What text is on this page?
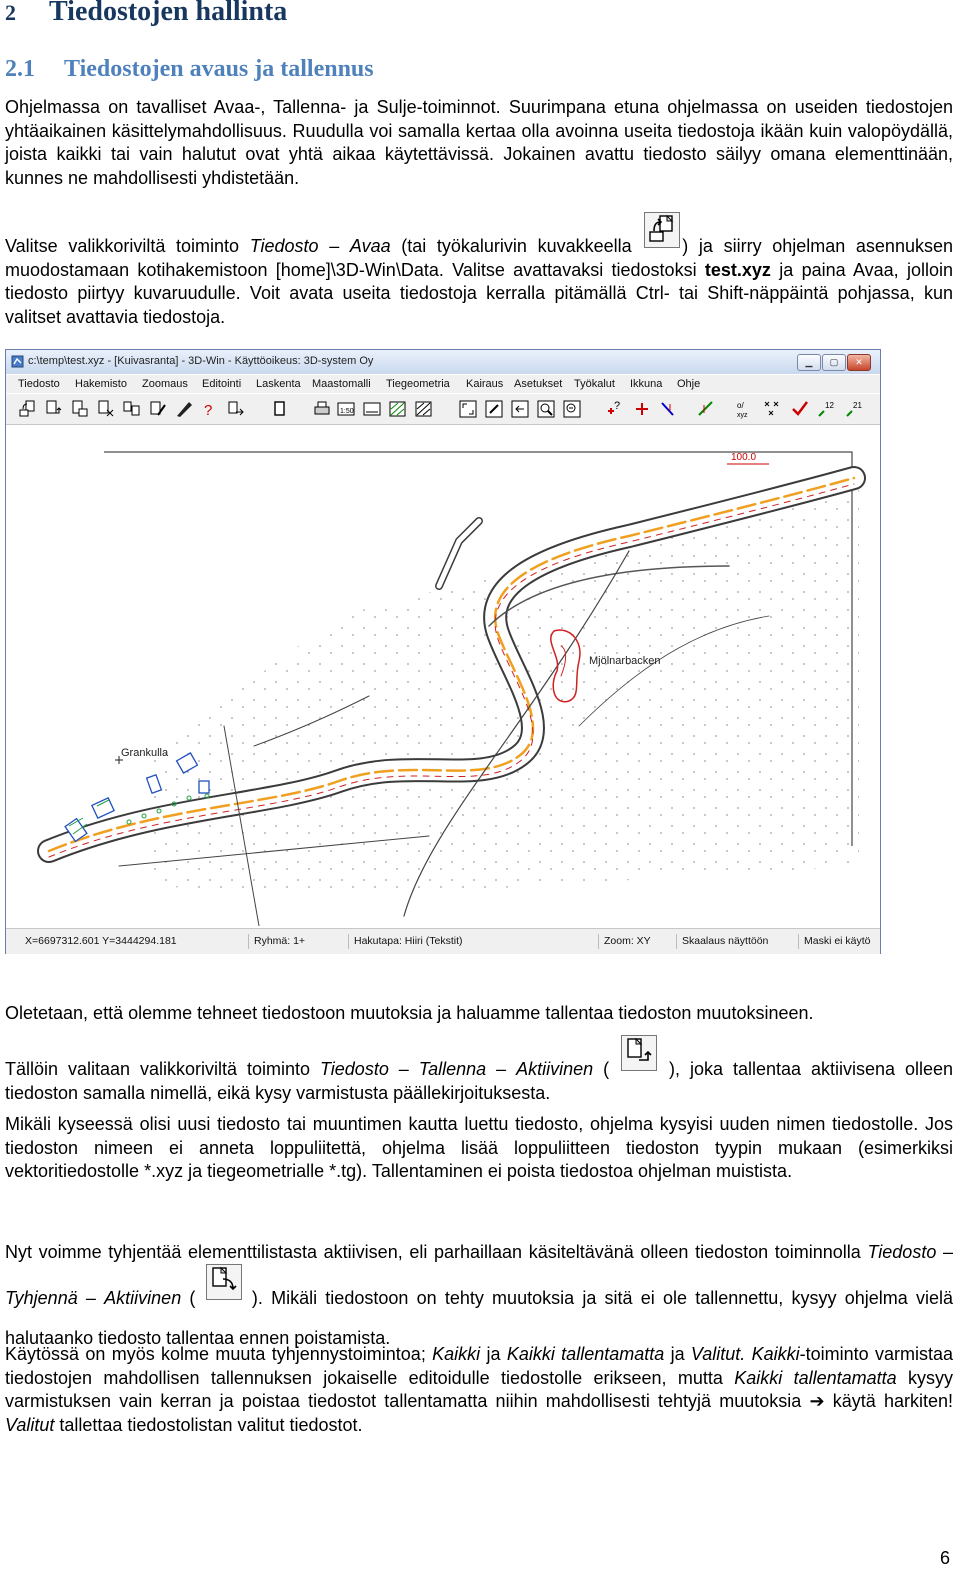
2 Tiedostojen hallinta
2.1 Tiedostojen avaus ja tallennus

Ohjelmassa on tavalliset Avaa-, Tallenna- ja Sulje-toiminnot. Suurimpana etuna ohjelmassa on useiden tiedostojen yhtäaikainen käsittelymahdollisuus. Ruudulla voi samalla kertaa olla avoinna useita tiedostoja ikään kuin valopöydällä, joista kaikki tai vain halutut ovat yhtä aikaa käytettävissä. Jokainen avattu tiedosto säilyy omana elementtinään, kunnes ne mahdollisesti yhdistetään.

Valitse valikkoriviltä toiminto Tiedosto – Avaa (tai työkalurivin kuvakkeella
) ja siirry ohjelman asennuksen muodostamaan kotihakemistoon [home]\3D-Win\Data. Valitse avattavaksi tiedostoksi test.xyz ja paina Avaa, jolloin tiedosto piirtyy kuvaruudulle. Voit avata useita tiedostoja kerralla pitämällä Ctrl- tai Shift-näppäintä pohjassa, kun valitset avattavia tiedostoja.

c:\temp\test.xyz - [Kuivasranta] - 3D-Win - Käyttöoikeus: 3D-system Oy	▁	▢	✕
Tiedosto Hakemisto Zoomaus Editointi Laskenta Maastomalli Tiegeometria Kairaus Asetukset Työkalut Ikkuna Ohje
?	1:50	?	o/
xyz
12 21
100.0
Mjölnarbacken
Grankulla
X=6697312.601 Y=3444294.181	Ryhmä: 1+	Hakutapa: Hiiri (Tekstit)	Zoom: XY	Skaalaus näyttöön	Maski ei käytö

Oletetaan, että olemme tehneet tiedostoon muutoksia ja haluamme tallentaa tiedoston muutoksineen.

Tällöin valitaan valikkoriviltä toiminto Tiedosto – Tallenna – Aktiivinen (
), joka tallentaa aktiivisena olleen tiedoston samalla nimellä, eikä kysy varmistusta päällekirjoituksesta.

Mikäli kyseessä olisi uusi tiedosto tai muuntimen kautta luettu tiedosto, ohjelma kysyisi uuden nimen tiedostolle. Jos tiedoston nimeen ei anneta loppuliitettä, ohjelma lisää loppuliitteen tiedoston tyypin mukaan (esimerkiksi vektoritiedostolle *.xyz ja tiegeometrialle *.tg). Tallentaminen ei poista tiedostoa ohjelman muistista.

Nyt voimme tyhjentää elementtilistasta aktiivisen, eli parhaillaan käsiteltävänä olleen tiedoston toiminnolla Tiedosto – Tyhjennä – Aktiivinen (
). Mikäli tiedostoon on tehty muutoksia ja sitä ei ole tallennettu, kysyy ohjelma vielä halutaanko tiedosto tallentaa ennen poistamista.

Käytössä on myös kolme muuta tyhjennystoimintoa; Kaikki ja Kaikki tallentamatta ja Valitut. Kaikki-toiminto varmistaa tiedostojen mahdollisen tallennuksen jokaiselle editoidulle tiedostolle erikseen, mutta Kaikki tallentamatta kysyy varmistuksen vain kerran ja poistaa tiedostot tallentamatta niihin mahdollisesti tehtyjä muutoksia ➔ käytä harkiten! Valitut tallettaa tiedostolistan valitut tiedostot.

6
